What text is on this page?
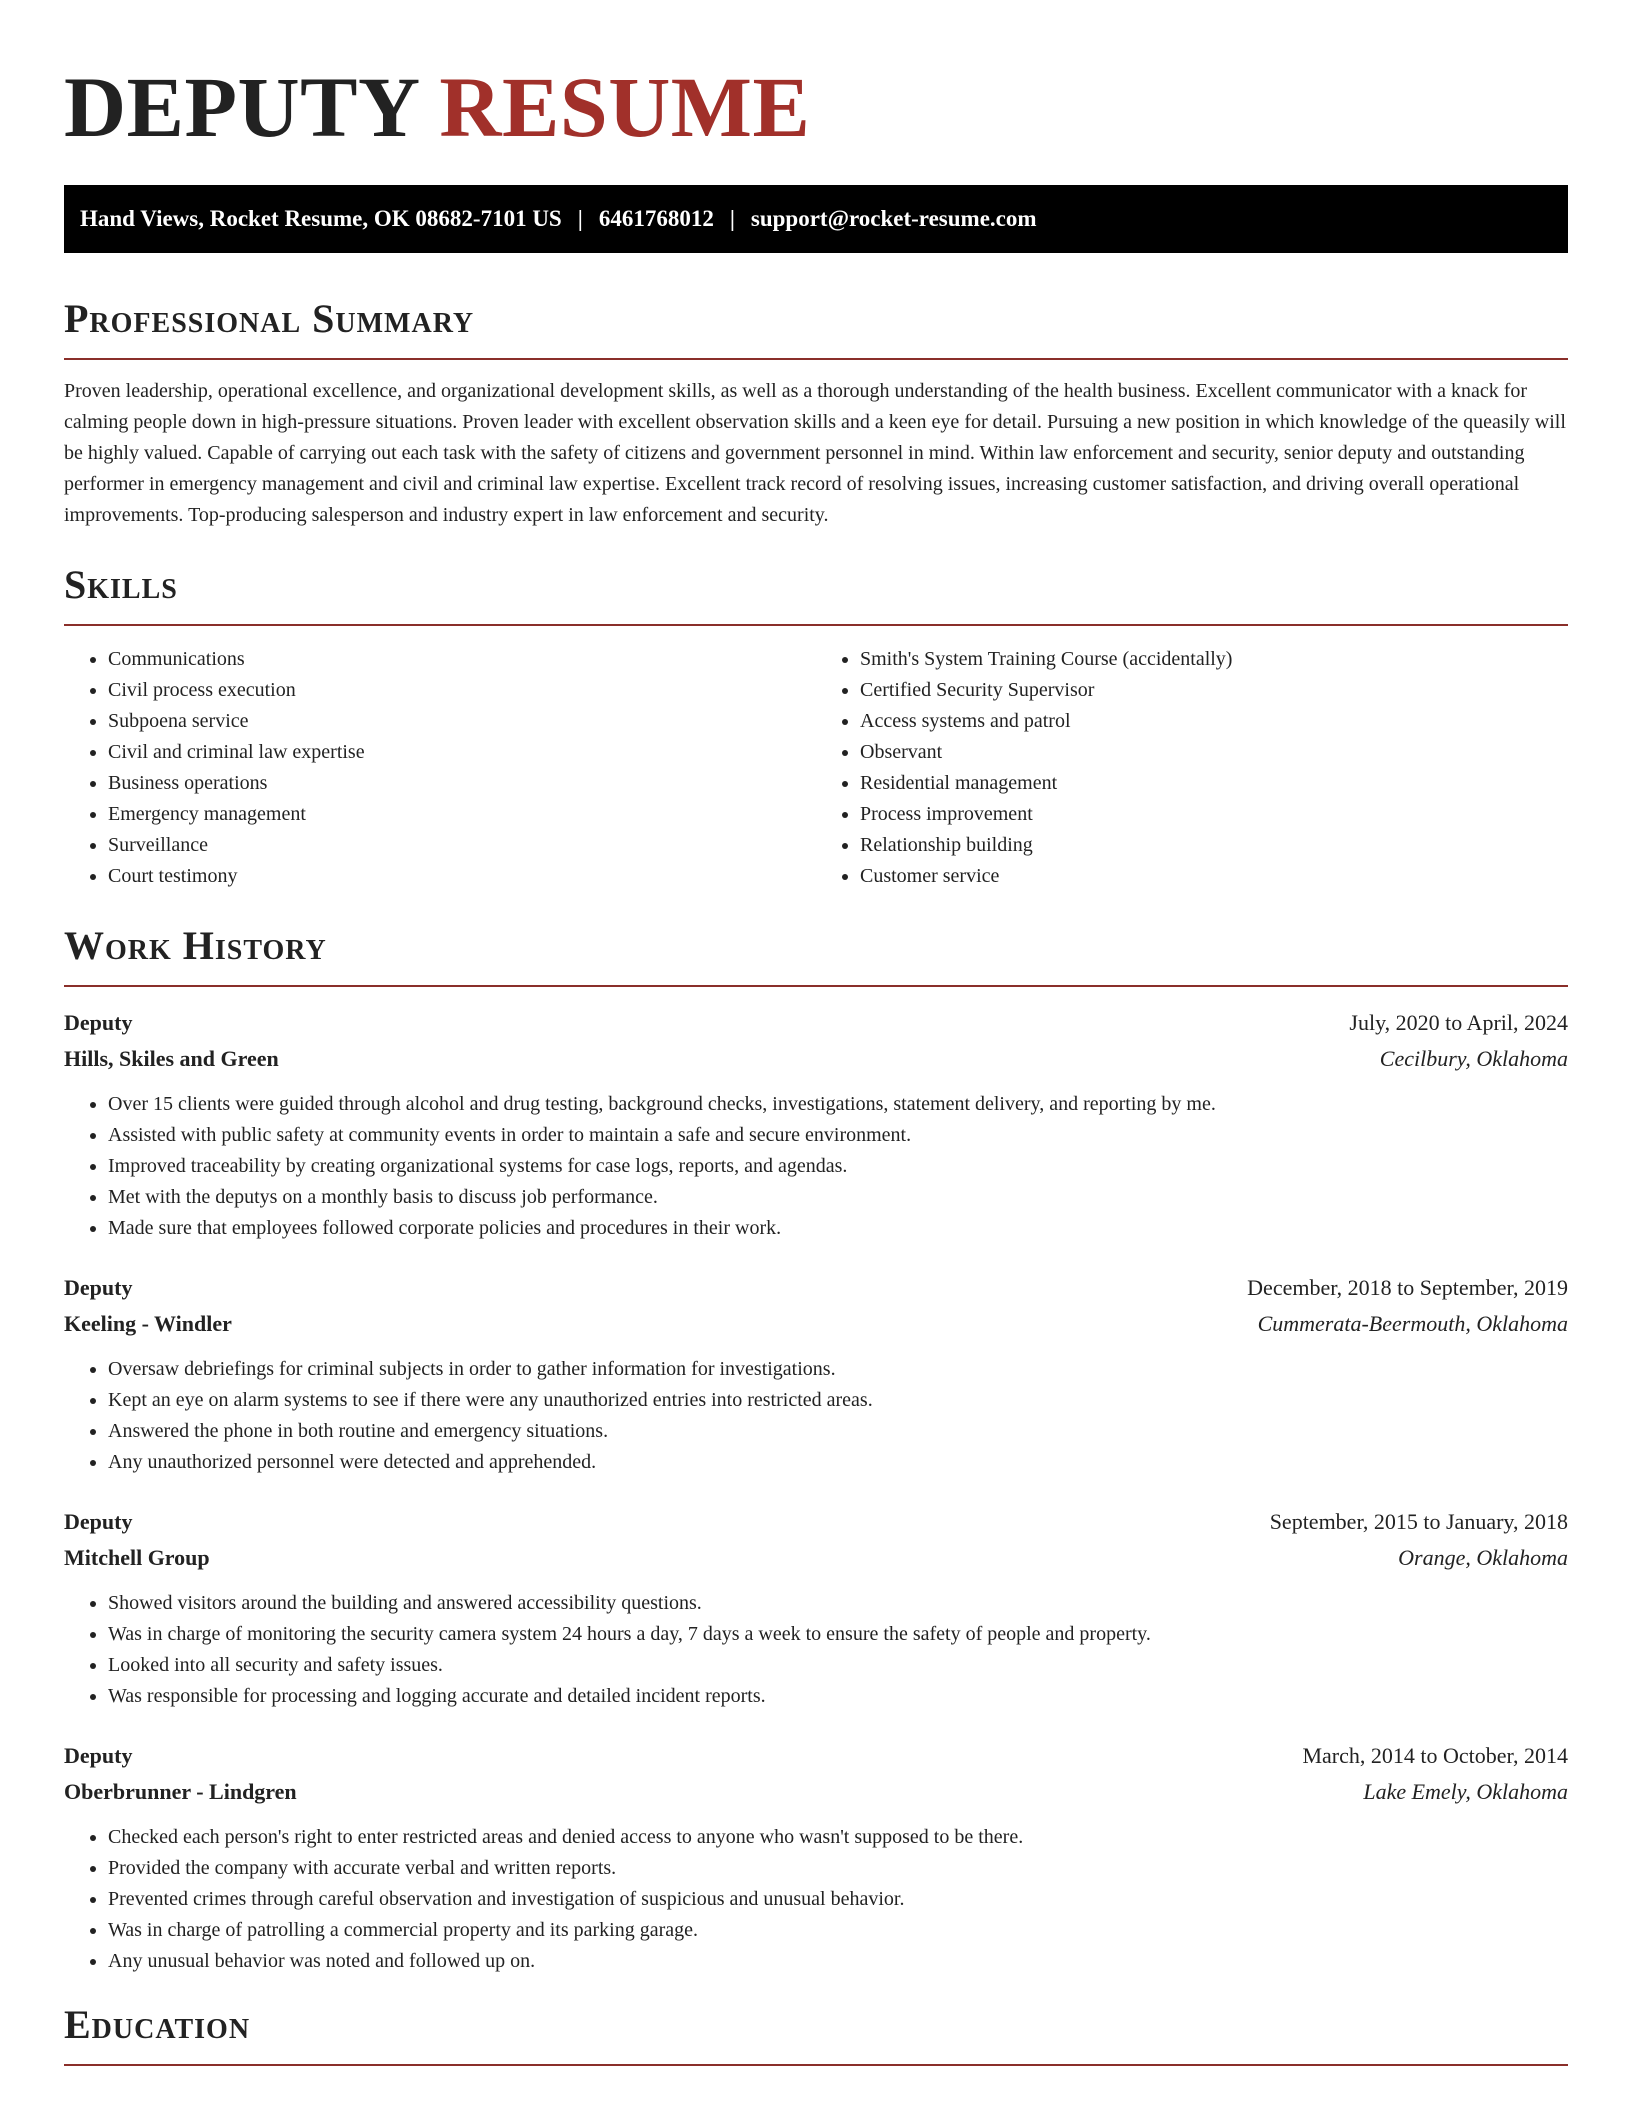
DEPUTY RESUME
Hand Views, Rocket Resume, OK 08682-7101 US | 6461768012 | support@rocket-resume.com
Professional Summary

Proven leadership, operational excellence, and organizational development skills, as well as a thorough understanding of the health business. Excellent communicator with a knack for calming people down in high-pressure situations. Proven leader with excellent observation skills and a keen eye for detail. Pursuing a new position in which knowledge of the queasily will be highly valued. Capable of carrying out each task with the safety of citizens and government personnel in mind. Within law enforcement and security, senior deputy and outstanding performer in emergency management and civil and criminal law expertise. Excellent track record of resolving issues, increasing customer satisfaction, and driving overall operational improvements. Top-producing salesperson and industry expert in law enforcement and security.

Skills
• Communications
• Civil process execution
• Subpoena service
• Civil and criminal law expertise
• Business operations
• Emergency management
• Surveillance
• Court testimony
• Smith's System Training Course (accidentally)
• Certified Security Supervisor
• Access systems and patrol
• Observant
• Residential management
• Process improvement
• Relationship building
• Customer service
Work History
Deputy	July, 2020 to April, 2024
Hills, Skiles and Green	Cecilbury, Oklahoma
• Over 15 clients were guided through alcohol and drug testing, background checks, investigations, statement delivery, and reporting by me.
• Assisted with public safety at community events in order to maintain a safe and secure environment.
• Improved traceability by creating organizational systems for case logs, reports, and agendas.
• Met with the deputys on a monthly basis to discuss job performance.
• Made sure that employees followed corporate policies and procedures in their work.
Deputy	December, 2018 to September, 2019
Keeling - Windler	Cummerata-Beermouth, Oklahoma
• Oversaw debriefings for criminal subjects in order to gather information for investigations.
• Kept an eye on alarm systems to see if there were any unauthorized entries into restricted areas.
• Answered the phone in both routine and emergency situations.
• Any unauthorized personnel were detected and apprehended.
Deputy	September, 2015 to January, 2018
Mitchell Group	Orange, Oklahoma
• Showed visitors around the building and answered accessibility questions.
• Was in charge of monitoring the security camera system 24 hours a day, 7 days a week to ensure the safety of people and property.
• Looked into all security and safety issues.
• Was responsible for processing and logging accurate and detailed incident reports.
Deputy	March, 2014 to October, 2014
Oberbrunner - Lindgren	Lake Emely, Oklahoma
• Checked each person's right to enter restricted areas and denied access to anyone who wasn't supposed to be there.
• Provided the company with accurate verbal and written reports.
• Prevented crimes through careful observation and investigation of suspicious and unusual behavior.
• Was in charge of patrolling a commercial property and its parking garage.
• Any unusual behavior was noted and followed up on.
Education
